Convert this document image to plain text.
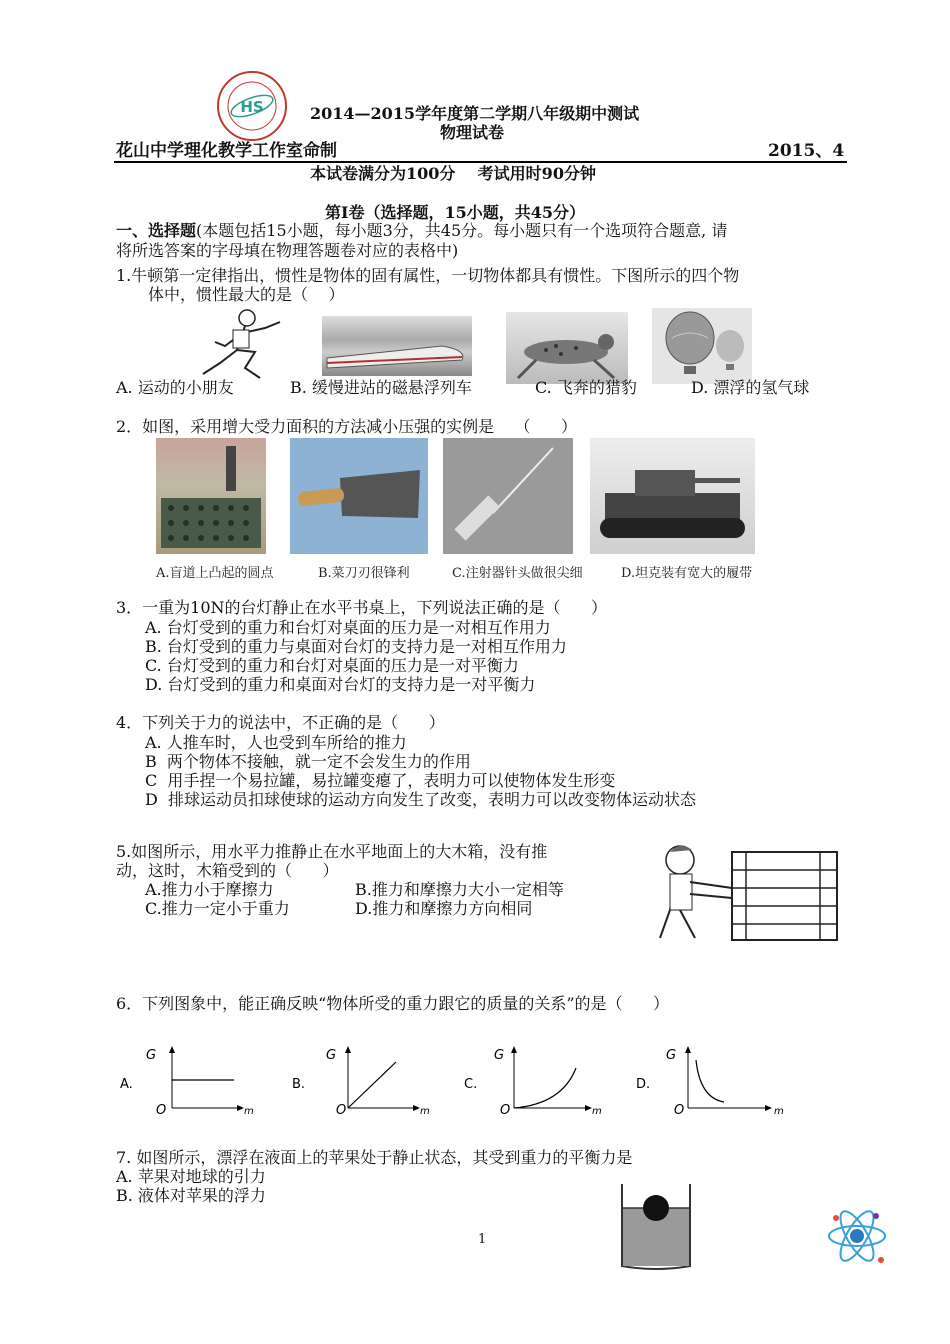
HS	2014—2015学年度第二学期八年级期中测试
物理试卷
花山中学理化教学工作室命制	2015、4
本试卷满分为100分    考试用时90分钟
第Ⅰ卷（选择题，15小题，共45分）
一、选择题(本题包括15小题，每小题3分，共45分。每小题只有一个选项符合题意, 请
将所选答案的字母填在物理答题卷对应的表格中)
1.牛顿第一定律指出，惯性是物体的固有属性，一切物体都具有惯性。下图所示的四个物
体中，惯性最大的是（    ）
A. 运动的小朋友	B. 缓慢进站的磁悬浮列车	C. 飞奔的猎豹	D. 漂浮的氢气球
2．如图，采用增大受力面积的方法减小压强的实例是    （      ）
A.盲道上凸起的圆点	B.菜刀刃很锋利	C.注射器针头做很尖细	D.坦克装有宽大的履带
3．一重为10N的台灯静止在水平书桌上，下列说法正确的是（      ）
A. 台灯受到的重力和台灯对桌面的压力是一对相互作用力
B. 台灯受到的重力与桌面对台灯的支持力是一对相互作用力
C. 台灯受到的重力和台灯对桌面的压力是一对平衡力
D. 台灯受到的重力和桌面对台灯的支持力是一对平衡力
4．下列关于力的说法中，不正确的是（      ）
A. 人推车时，人也受到车所给的推力
B  两个物体不接触，就一定不会发生力的作用
C  用手捏一个易拉罐，易拉罐变瘪了，表明力可以使物体发生形变
D  排球运动员扣球使球的运动方向发生了改变，表明力可以改变物体运动状态
5.如图所示，用水平力推静止在水平地面上的大木箱，没有推
动，这时，木箱受到的（      ）
A.推力小于摩擦力	B.推力和摩擦力大小一定相等
C.推力一定小于重力	D.推力和摩擦力方向相同
6．下列图象中，能正确反映“物体所受的重力跟它的质量的关系”的是（      ）
A.
G
O	m
B.
G
O	m
C.
G
O	m
D.
G
O	m
7. 如图所示，漂浮在液面上的苹果处于静止状态，其受到重力的平衡力是
A. 苹果对地球的引力
B. 液体对苹果的浮力
1
